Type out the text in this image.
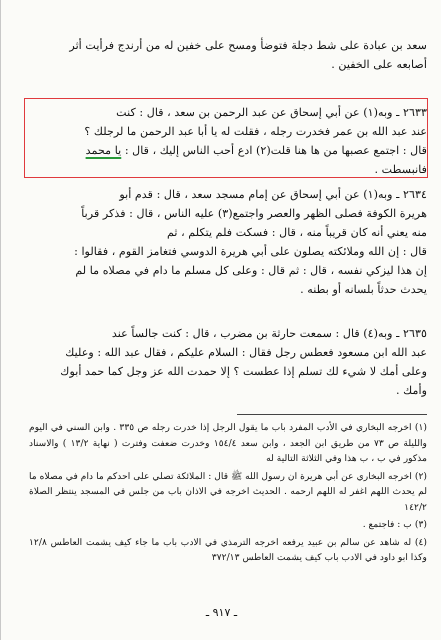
سعد بن عبادة على شط دجلة فتوضأ ومسح على خفين له من أرندج فرأيت أثر
أصابعه على الخفين .
٢٦٣٣ ـ وبه(١) عن أبي إسحاق عن عبد الرحمن بن سعد ، قال : كنت
عند عبد الله بن عمر فخدرت رجله ، فقلت له يا أبا عبد الرحمن ما لرجلك ؟
قال : اجتمع عصبها من ها هنا قلت(٢) ادع أحب الناس إليك ، قال : يا محمد
فانبسطت .
٢٦٣٤ ـ وبه(١) عن أبي إسحاق عن إمام مسجد سعد ، قال : قدم أبو
هريرة الكوفة فصلى الظهر والعصر واجتمع(٣) عليه الناس ، قال : فذكر قرباً
منه يعني أنه كان قريباً منه ، قال : فسكت فلم يتكلم ، ثم
قال : إن الله وملائكته يصلون على أبي هريرة الدوسي فتغامز القوم ، فقالوا :
إن هذا ليزكي نفسه ، قال : ثم قال : وعلى كل مسلم ما دام في مصلاه ما لم
يحدث حدثاً بلسانه أو بطنه .
٢٦٣٥ ـ وبه(٤) قال : سمعت حارثة بن مضرب ، قال : كنت جالساً عند
عبد الله ابن مسعود فعطس رجل فقال : السلام عليكم ، فقال عبد الله : وعليك
وعلى أمك لا شيء لك تسلم إذا عطست ؟ إلا حمدت الله عز وجل كما حمد أبوك
وأمك .
(١) اخرجه البخاري في الأدب المفرد باب ما يقول الرجل إذا خدرت رجله ص ٣٣٥ . وابن السني في اليوم والليلة ص ٧٣ من طريق ابن الجعد ، وابن سعد ١٥٤/٤ وخدرت ضعفت وفترت ( نهاية ١٣/٢ ) والاسناد مذكور في ب ، ب هذا وفي الثلاثة التالية له
(٢) اخرجه البخاري عن أبي هريرة ان رسول الله ﷺ قال : الملائكة تصلي على احدكم ما دام في مصلاه ما لم يحدث اللهم اغفر له اللهم ارحمه . الحديث اخرجه في الاذان باب من جلس في المسجد ينتظر الصلاة ١٤٢/٢
(٣) ب : فاجتمع .
(٤) له شاهد عن سالم بن عبيد يرفعه اخرجه الترمذي في الادب باب ما جاء كيف يشمت العاطس ١٢/٨ وكذا ابو داود في الادب باب كيف يشمت العاطس ٣٧٢/١٣
ـ ٩١٧ ـ
